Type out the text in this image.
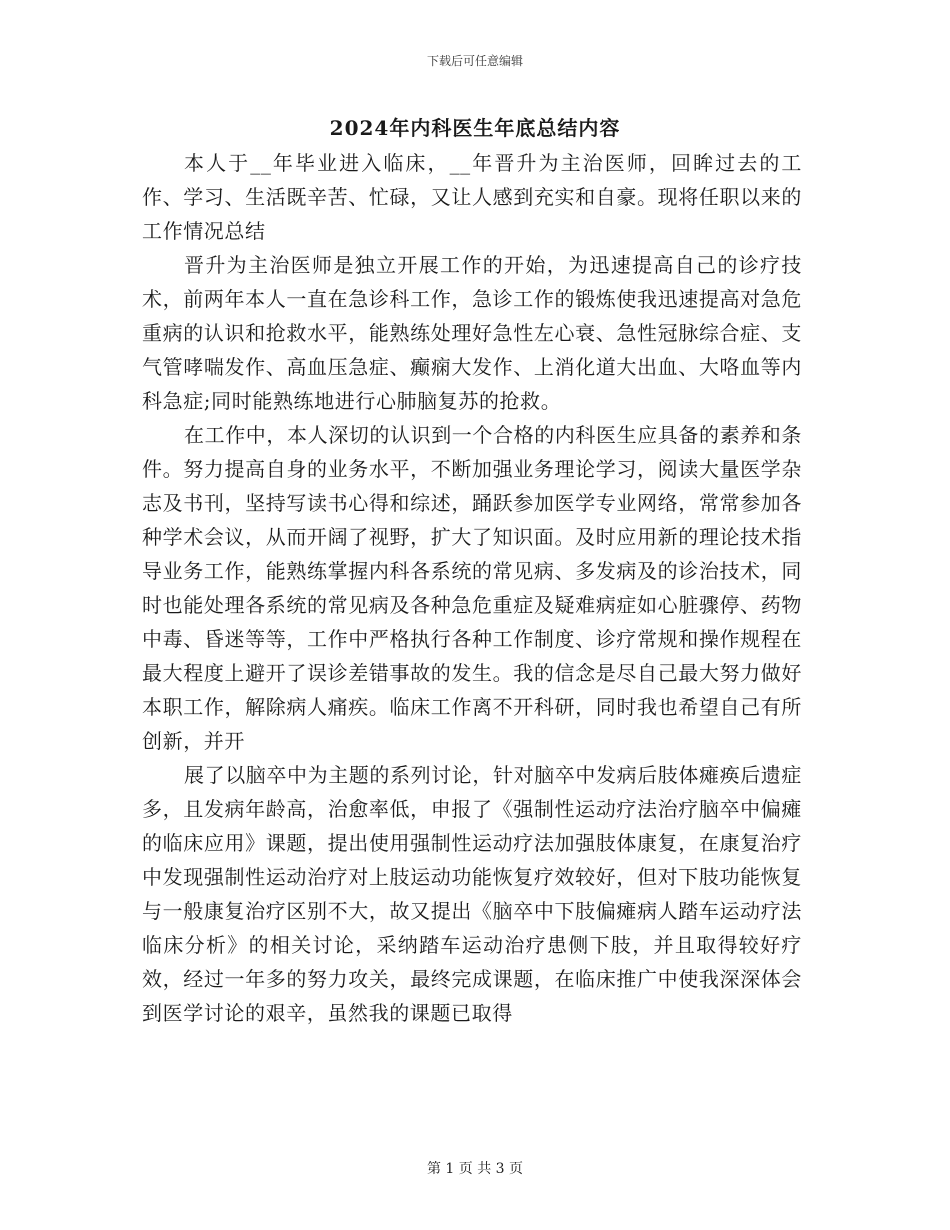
下载后可任意编辑
2024年内科医生年底总结内容

本人于__年毕业进入临床，__年晋升为主治医师，回眸过去的工作、学习、生活既辛苦、忙碌，又让人感到充实和自豪。现将任职以来的工作情况总结

晋升为主治医师是独立开展工作的开始，为迅速提高自己的诊疗技术，前两年本人一直在急诊科工作，急诊工作的锻炼使我迅速提高对急危重病的认识和抢救水平，能熟练处理好急性左心衰、急性冠脉综合症、支气管哮喘发作、高血压急症、癫痫大发作、上消化道大出血、大咯血等内科急症;同时能熟练地进行心肺脑复苏的抢救。

在工作中，本人深切的认识到一个合格的内科医生应具备的素养和条件。努力提高自身的业务水平，不断加强业务理论学习，阅读大量医学杂志及书刊，坚持写读书心得和综述，踊跃参加医学专业网络，常常参加各种学术会议，从而开阔了视野，扩大了知识面。及时应用新的理论技术指导业务工作，能熟练掌握内科各系统的常见病、多发病及的诊治技术，同时也能处理各系统的常见病及各种急危重症及疑难病症如心脏骤停、药物中毒、昏迷等等，工作中严格执行各种工作制度、诊疗常规和操作规程在最大程度上避开了误诊差错事故的发生。我的信念是尽自己最大努力做好本职工作，解除病人痛疾。临床工作离不开科研，同时我也希望自己有所创新，并开

展了以脑卒中为主题的系列讨论，针对脑卒中发病后肢体瘫痪后遗症多，且发病年龄高，治愈率低，申报了《强制性运动疗法治疗脑卒中偏瘫的临床应用》课题，提出使用强制性运动疗法加强肢体康复，在康复治疗中发现强制性运动治疗对上肢运动功能恢复疗效较好，但对下肢功能恢复与一般康复治疗区别不大，故又提出《脑卒中下肢偏瘫病人踏车运动疗法临床分析》的相关讨论，采纳踏车运动治疗患侧下肢，并且取得较好疗效，经过一年多的努力攻关，最终完成课题，在临床推广中使我深深体会到医学讨论的艰辛，虽然我的课题已取得

第 1 页 共 3 页
